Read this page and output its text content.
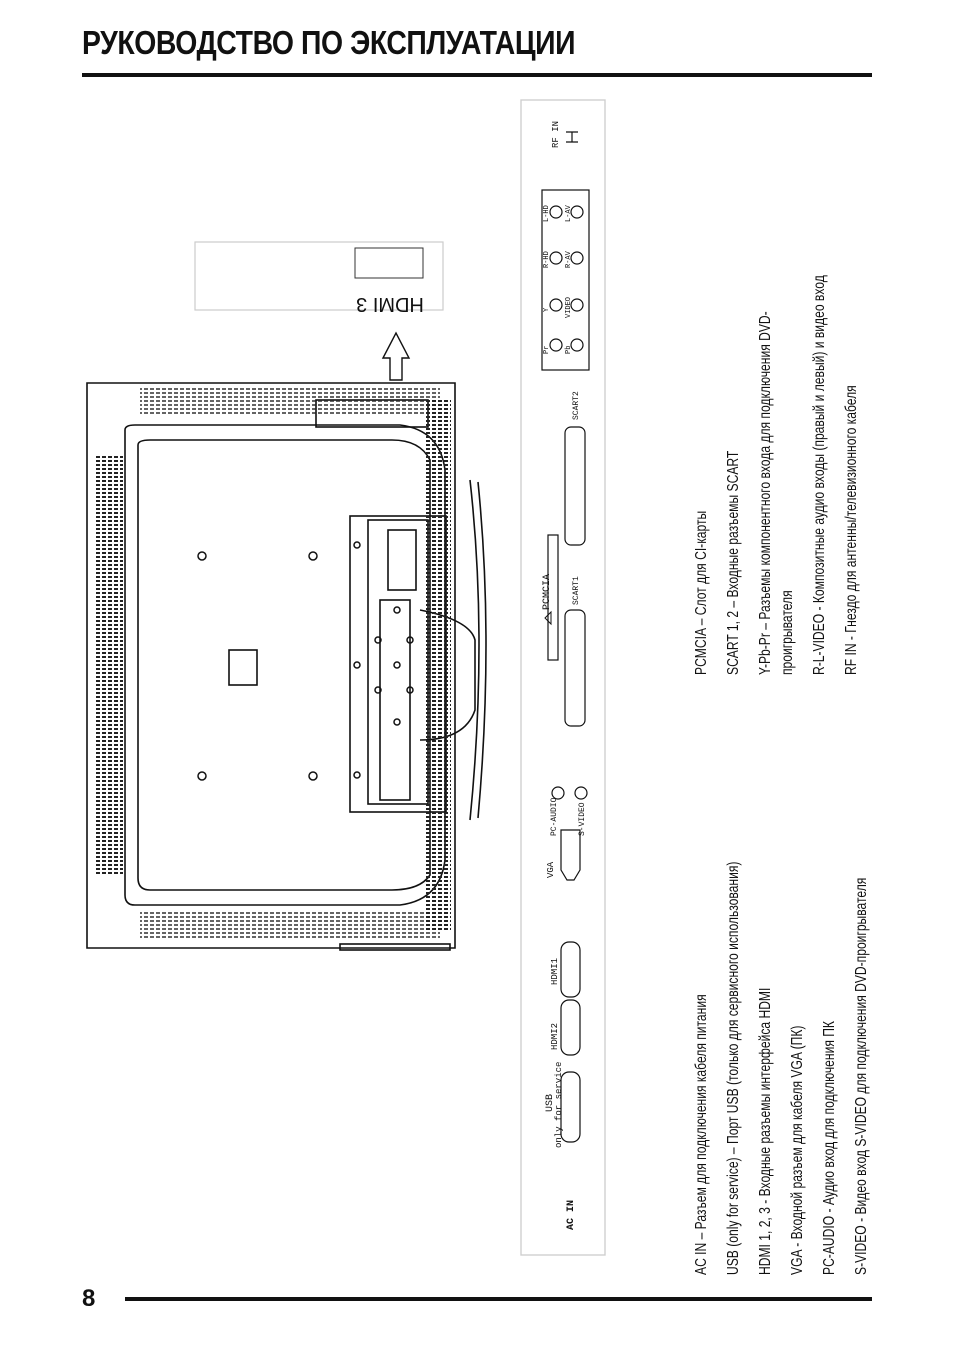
РУКОВОДСТВО ПО ЭКСПЛУАТАЦИИ
HDMI 3
AC IN
USB
only for service
HDMI2
HDMI1
VGA
PC-AUDIO S-VIDEO
PCMCIA SCART1
SCART2
Pr Pb
Y VIDEO
R-HD R-AV
L-HD L-AV
RF IN
AC IN – Разъем для подключения кабеля питания USB (only for service) – Порт USB (только для сервисного использования) HDMI 1, 2, 3 - Входные разъемы интерфейса HDMI VGA - Входной разъем для кабеля VGA (ПК) PC-AUDIO - Аудио вход для подключения ПК S-VIDEO - Видео вход S-VIDEO для подключения DVD-проигрывателя
PCMCIA – Слот для CI-карты SCART 1, 2 – Входные разъемы SCART Y-Pb-Pr – Разъемы компонентного входа для подключения DVD- проигрывателя R-L-VIDEO - Композитные аудио входы (правый и левый) и видео вход RF IN - Гнездо для антенны/телевизионного кабеля
8
